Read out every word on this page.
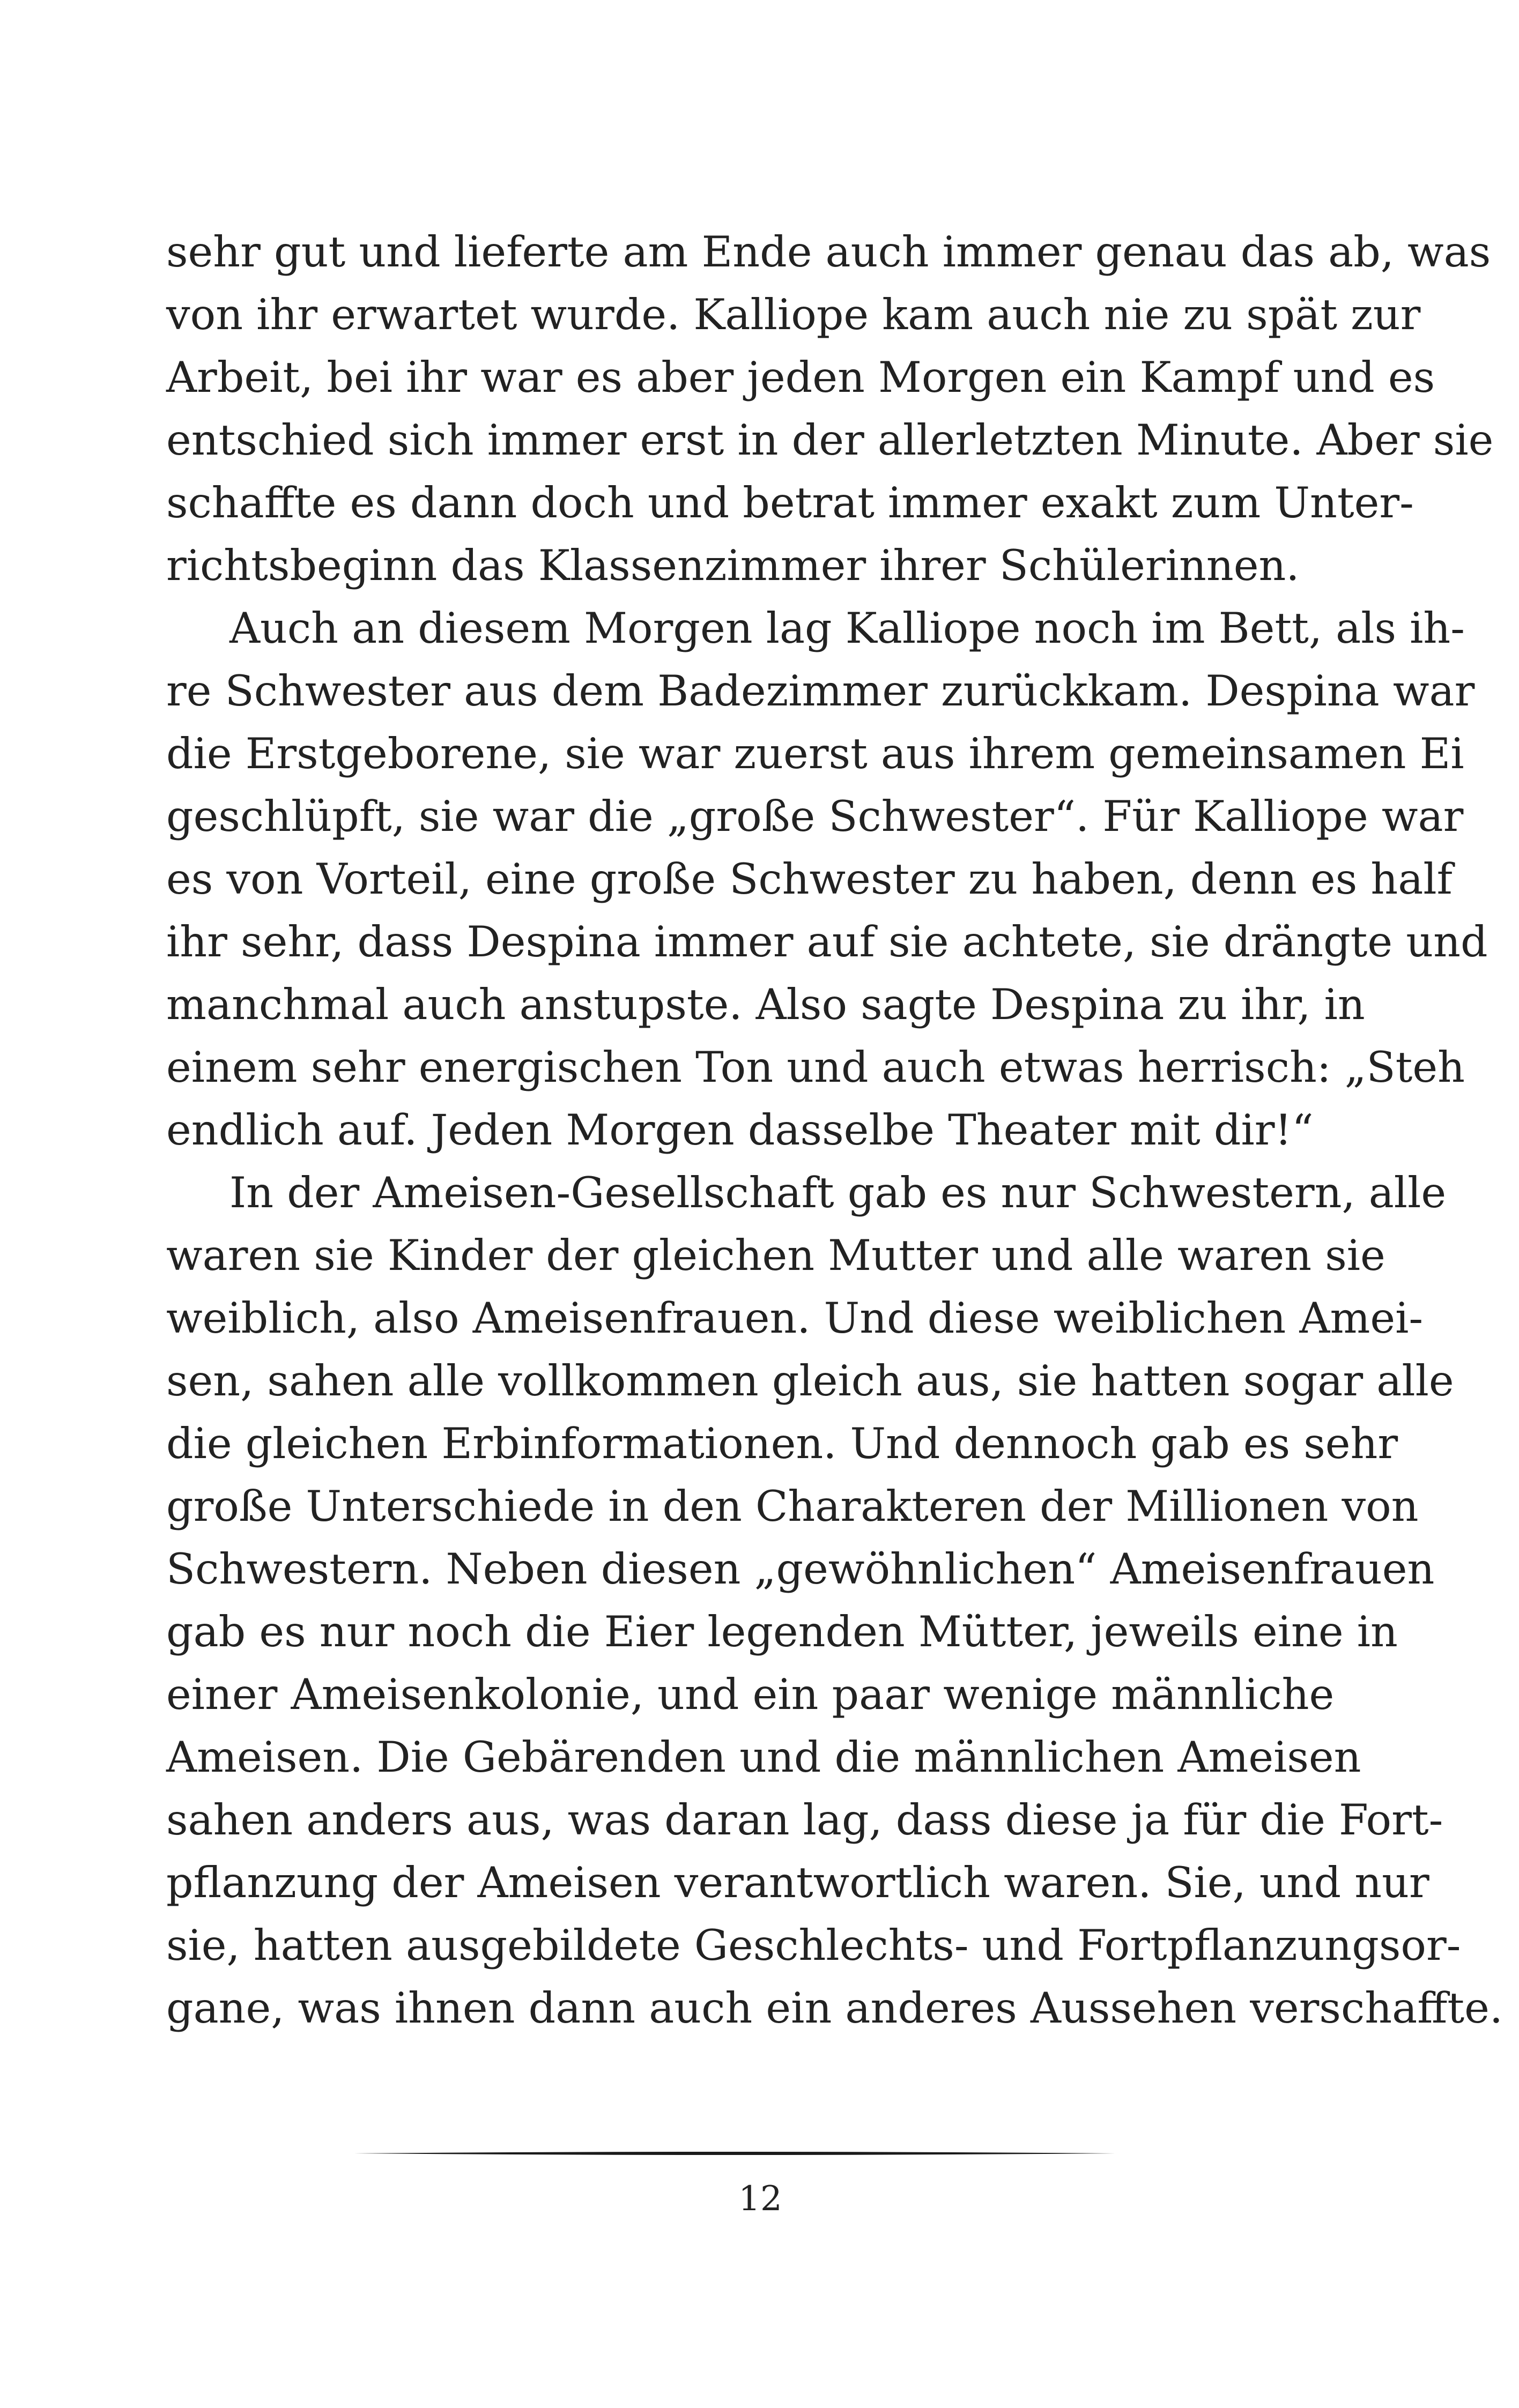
sehr gut und lieferte am Ende auch immer genau das ab, was
von ihr erwartet wurde. Kalliope kam auch nie zu spät zur
Arbeit, bei ihr war es aber jeden Morgen ein Kampf und es
entschied sich immer erst in der allerletzten Minute. Aber sie
schaffte es dann doch und betrat immer exakt zum Unter-
richtsbeginn das Klassenzimmer ihrer Schülerinnen.
Auch an diesem Morgen lag Kalliope noch im Bett, als ih-
re Schwester aus dem Badezimmer zurückkam. Despina war
die Erstgeborene, sie war zuerst aus ihrem gemeinsamen Ei
geschlüpft, sie war die „große Schwester“. Für Kalliope war
es von Vorteil, eine große Schwester zu haben, denn es half
ihr sehr, dass Despina immer auf sie achtete, sie drängte und
manchmal auch anstupste. Also sagte Despina zu ihr, in
einem sehr energischen Ton und auch etwas herrisch: „Steh
endlich auf. Jeden Morgen dasselbe Theater mit dir!“
In der Ameisen-Gesellschaft gab es nur Schwestern, alle
waren sie Kinder der gleichen Mutter und alle waren sie
weiblich, also Ameisenfrauen. Und diese weiblichen Amei-
sen, sahen alle vollkommen gleich aus, sie hatten sogar alle
die gleichen Erbinformationen. Und dennoch gab es sehr
große Unterschiede in den Charakteren der Millionen von
Schwestern. Neben diesen „gewöhnlichen“ Ameisenfrauen
gab es nur noch die Eier legenden Mütter, jeweils eine in
einer Ameisenkolonie, und ein paar wenige männliche
Ameisen. Die Gebärenden und die männlichen Ameisen
sahen anders aus, was daran lag, dass diese ja für die Fort-
pflanzung der Ameisen verantwortlich waren. Sie, und nur
sie, hatten ausgebildete Geschlechts- und Fortpflanzungsor-
gane, was ihnen dann auch ein anderes Aussehen verschaffte.
12
